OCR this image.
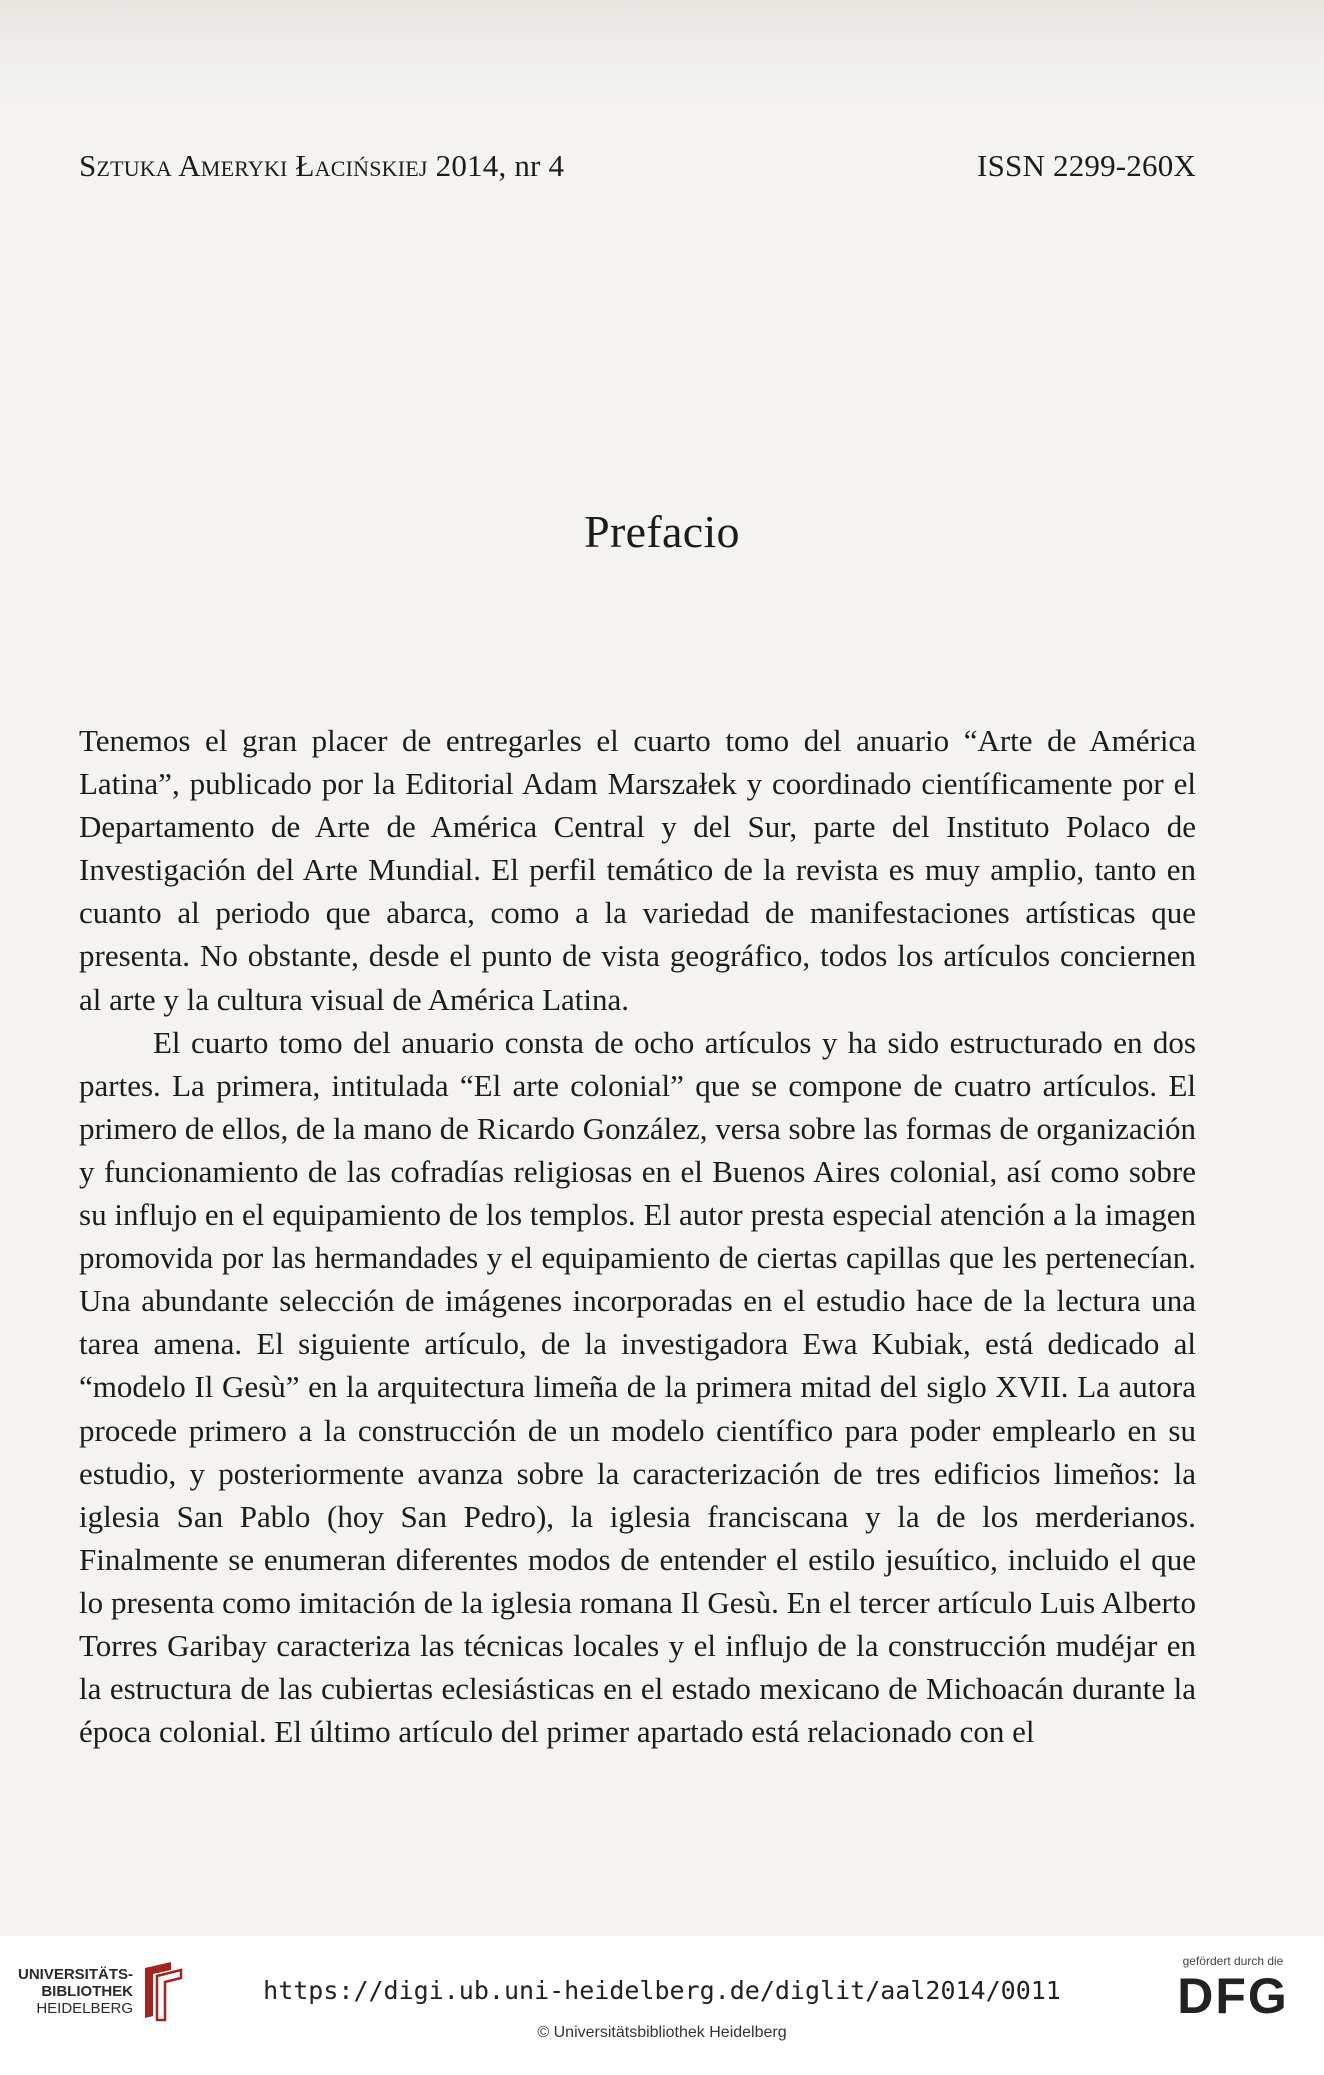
Sztuka Ameryki Łacińskiej 2014, nr 4	ISSN 2299-260X
Prefacio

Tenemos el gran placer de entregarles el cuarto tomo del anuario “Arte de América Latina”, publicado por la Editorial Adam Marszałek y coordinado científicamente por el Departamento de Arte de América Central y del Sur, parte del Instituto Polaco de Investigación del Arte Mundial. El perfil temático de la revista es muy amplio, tanto en cuanto al periodo que abarca, como a la variedad de manifestaciones artísticas que presenta. No obstante, desde el punto de vista geográfico, todos los artículos conciernen al arte y la cultura visual de América Latina.

El cuarto tomo del anuario consta de ocho artículos y ha sido estructurado en dos partes. La primera, intitulada “El arte colonial” que se compone de cuatro artículos. El primero de ellos, de la mano de Ricardo González, versa sobre las formas de organización y funcionamiento de las cofradías religiosas en el Buenos Aires colonial, así como sobre su influjo en el equipamiento de los templos. El autor presta especial atención a la imagen promovida por las hermandades y el equipamiento de ciertas capillas que les pertenecían. Una abundante selección de imágenes incorporadas en el estudio hace de la lectura una tarea amena. El siguiente artículo, de la investigadora Ewa Kubiak, está dedicado al “modelo Il Gesù” en la arquitectura limeña de la primera mitad del siglo XVII. La autora procede primero a la construcción de un modelo científico para poder emplearlo en su estudio, y posteriormente avanza sobre la caracterización de tres edificios limeños: la iglesia San Pablo (hoy San Pedro), la iglesia franciscana y la de los merderianos. Finalmente se enumeran diferentes modos de entender el estilo jesuítico, incluido el que lo presenta como imitación de la iglesia romana Il Gesù. En el tercer artículo Luis Alberto Torres Garibay caracteriza las técnicas locales y el influjo de la construcción mudéjar en la estructura de las cubiertas eclesiásticas en el estado mexicano de Michoacán durante la época colonial. El último artículo del primer apartado está relacionado con el

UNIVERSITÄTS-
BIBLIOTHEK
HEIDELBERG
https://digi.ub.uni-heidelberg.de/diglit/aal2014/0011
© Universitätsbibliothek Heidelberg
gefördert durch die
DFG
